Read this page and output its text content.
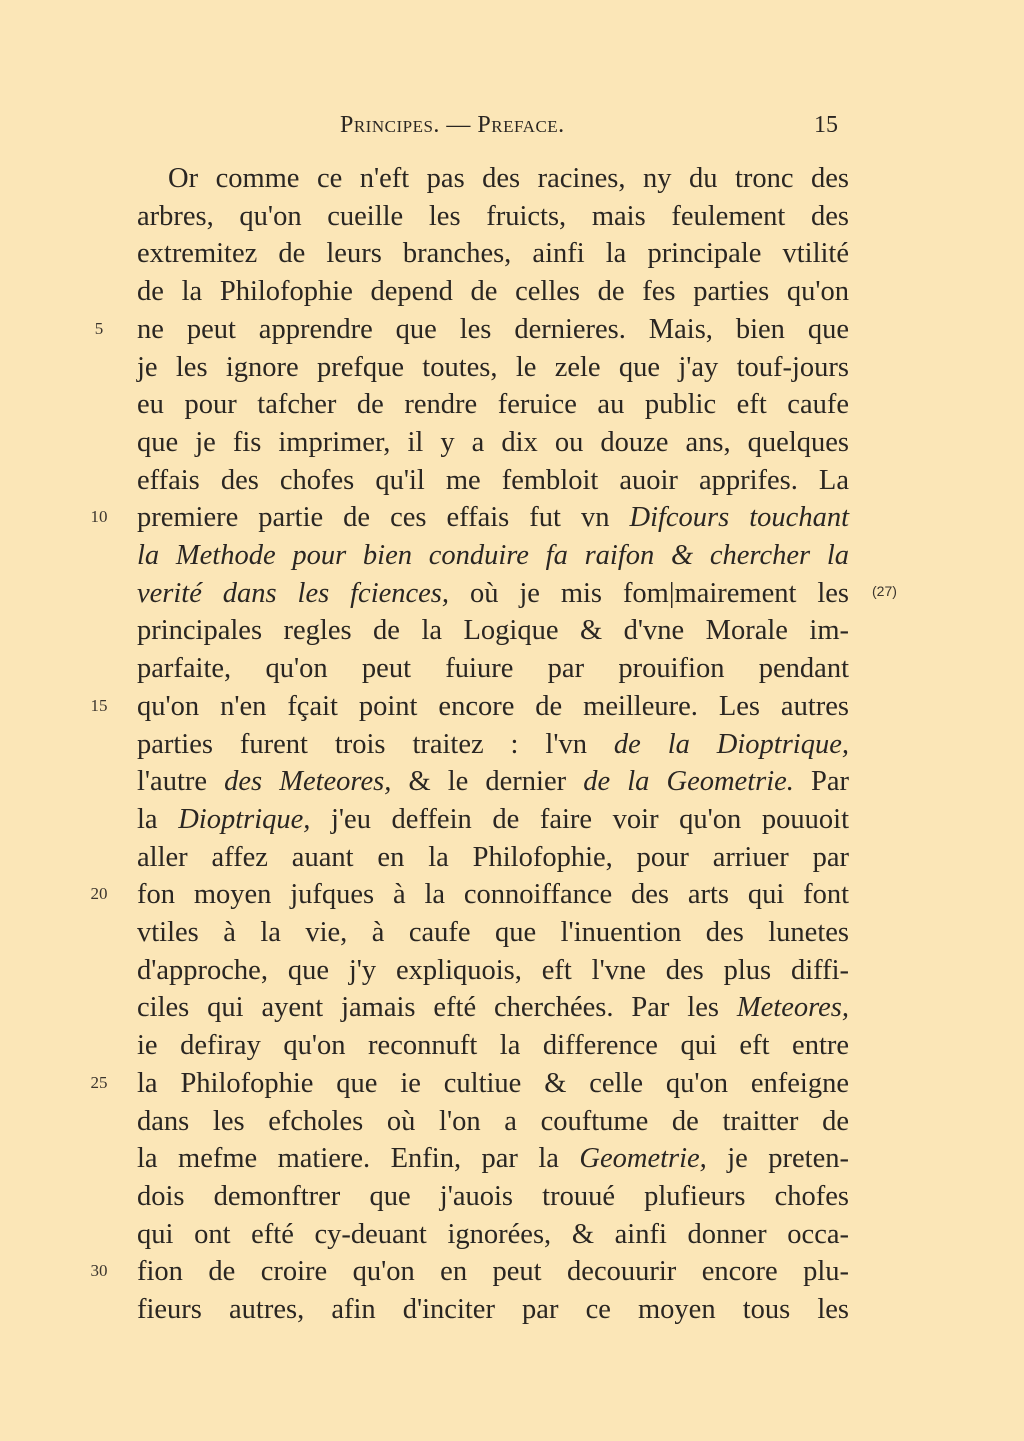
Principes. — Preface.	15
Or comme ce n'eft pas des racines, ny du tronc des
arbres, qu'on cueille les fruicts, mais feulement des
extremitez de leurs branches, ainfi la principale vtilité
de la Philofophie depend de celles de fes parties qu'on
5	ne peut apprendre que les dernieres. Mais, bien que
je les ignore prefque toutes, le zele que j'ay touf-jours
eu pour tafcher de rendre feruice au public eft caufe
que je fis imprimer, il y a dix ou douze ans, quelques
effais des chofes qu'il me fembloit auoir apprifes. La
10 premiere partie de ces effais fut vn Difcours touchant
la Methode pour bien conduire fa raifon & chercher la
verité dans les fciences, où je mis fom|mairement les (27)
principales regles de la Logique & d'vne Morale im-
parfaite, qu'on peut fuiure par prouifion pendant
15 qu'on n'en fçait point encore de meilleure. Les autres
parties furent trois traitez : l'vn de la Dioptrique,
l'autre des Meteores, & le dernier de la Geometrie. Par
la Dioptrique, j'eu deffein de faire voir qu'on pouuoit
aller affez auant en la Philofophie, pour arriuer par
20 fon moyen jufques à la connoiffance des arts qui font
vtiles à la vie, à caufe que l'inuention des lunetes
d'approche, que j'y expliquois, eft l'vne des plus diffi-
ciles qui ayent jamais efté cherchées. Par les Meteores,
ie defiray qu'on reconnuft la difference qui eft entre
25 la Philofophie que ie cultiue & celle qu'on enfeigne
dans les efcholes où l'on a couftume de traitter de
la mefme matiere. Enfin, par la Geometrie, je preten-
dois demonftrer que j'auois trouué plufieurs chofes
qui ont efté cy-deuant ignorées, & ainfi donner occa-
30 fion de croire qu'on en peut decouurir encore plu-
fieurs autres, afin d'inciter par ce moyen tous les
